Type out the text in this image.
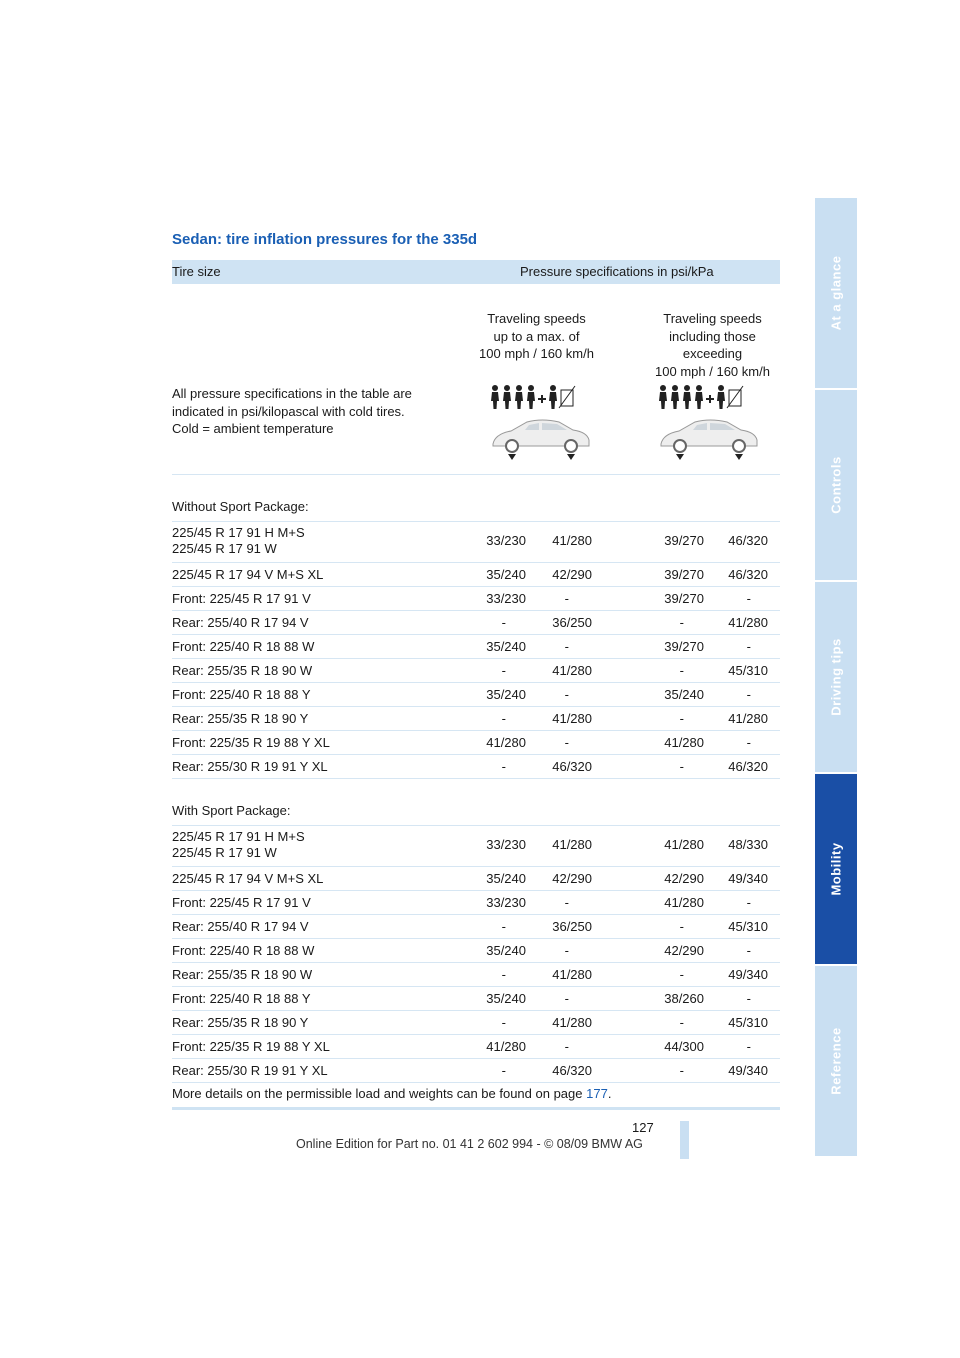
At a glance
Controls
Driving tips
Mobility
Reference
Sedan: tire inflation pressures for the 335d
Tire size	Pressure specifications in psi/kPa
Traveling speeds
up to a max. of
100 mph / 160 km/h
Traveling speeds
including those
exceeding
100 mph / 160 km/h
All pressure specifications in the table are
indicated in psi/kilopascal with cold tires.
Cold = ambient temperature
Without Sport Package:
225/45 R 17 91 H M+S
225/45 R 17 91 W
33/230	41/280	39/270	46/320
225/45 R 17 94 V M+S XL	35/240	42/290	39/270	46/320
Front: 225/45 R 17 91 V	33/230	-	39/270	-
Rear: 255/40 R 17 94 V	-	36/250	-	41/280
Front: 225/40 R 18 88 W	35/240	-	39/270	-
Rear: 255/35 R 18 90 W	-	41/280	-	45/310
Front: 225/40 R 18 88 Y	35/240	-	35/240	-
Rear: 255/35 R 18 90 Y	-	41/280	-	41/280
Front: 225/35 R 19 88 Y XL	41/280	-	41/280	-
Rear: 255/30 R 19 91 Y XL	-	46/320	-	46/320
With Sport Package:
225/45 R 17 91 H M+S
225/45 R 17 91 W
33/230	41/280	41/280	48/330
225/45 R 17 94 V M+S XL	35/240	42/290	42/290	49/340
Front: 225/45 R 17 91 V	33/230	-	41/280	-
Rear: 255/40 R 17 94 V	-	36/250	-	45/310
Front: 225/40 R 18 88 W	35/240	-	42/290	-
Rear: 255/35 R 18 90 W	-	41/280	-	49/340
Front: 225/40 R 18 88 Y	35/240	-	38/260	-
Rear: 255/35 R 18 90 Y	-	41/280	-	45/310
Front: 225/35 R 19 88 Y XL	41/280	-	44/300	-
Rear: 255/30 R 19 91 Y XL	-	46/320	-	49/340
More details on the permissible load and weights can be found on page 177.
127
Online Edition for Part no. 01 41 2 602 994 - © 08/09 BMW AG
